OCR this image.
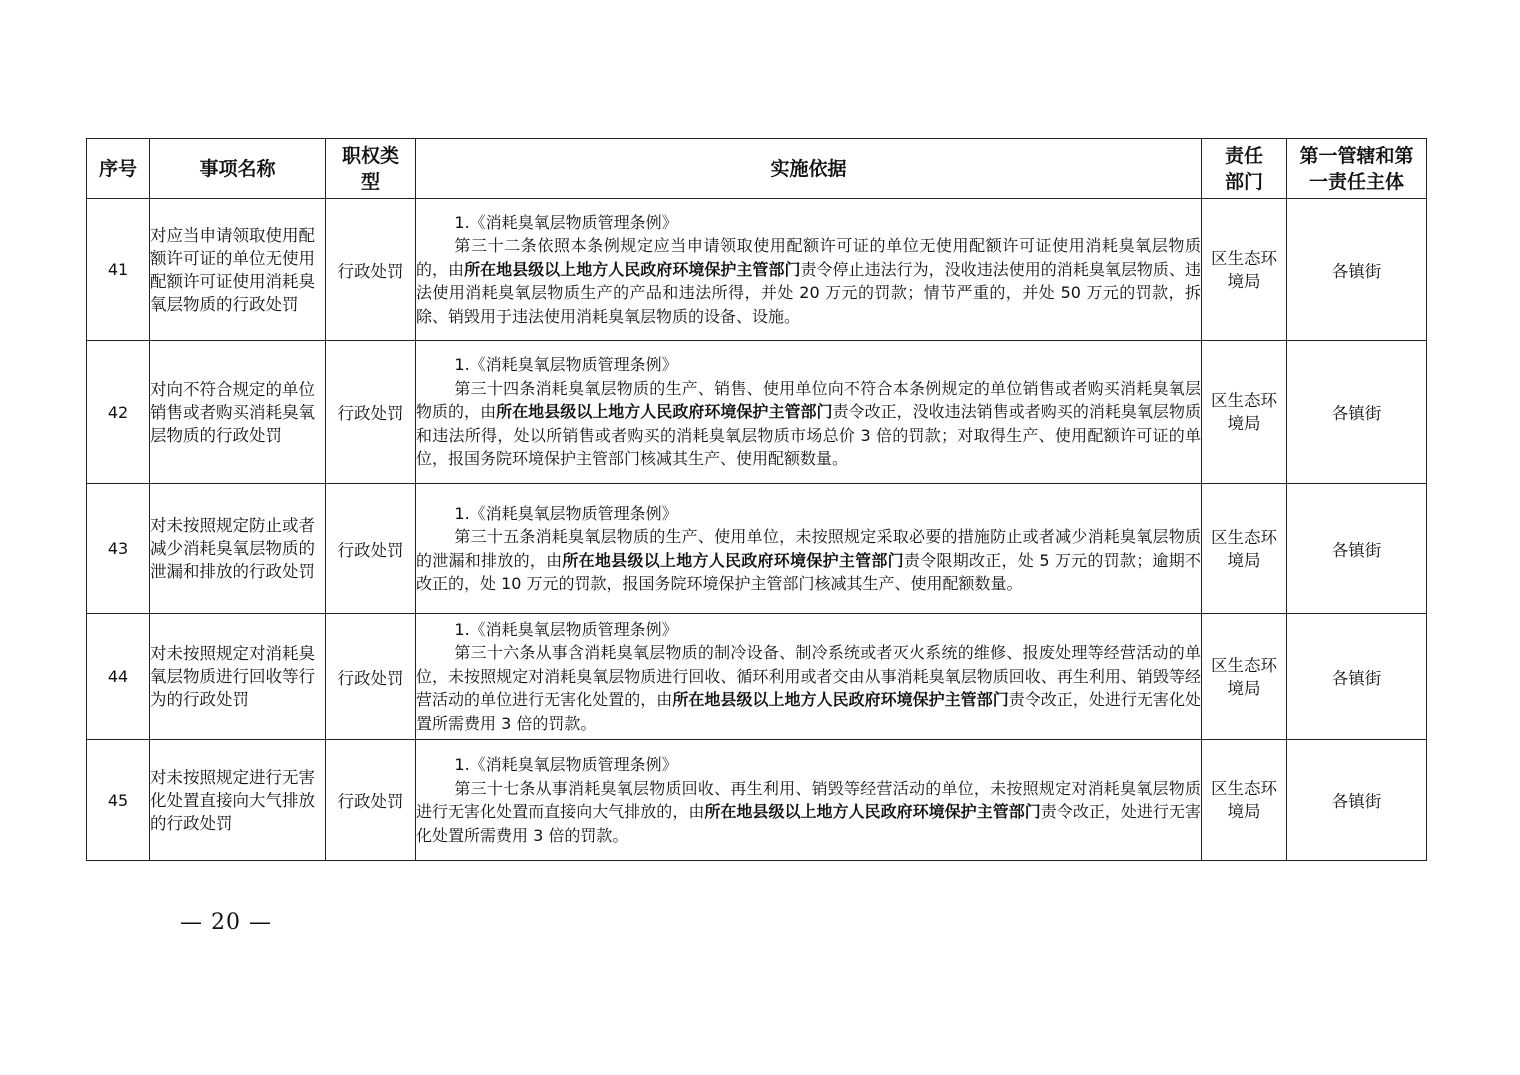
序号	事项名称	职权类型	实施依据	责任部门	第一管辖和第一责任主体
41	对应当申请领取使用配额许可证的单位无使用配额许可证使用消耗臭氧层物质的行政处罚	行政处罚	1.《消耗臭氧层物质管理条例》
第三十二条依照本条例规定应当申请领取使用配额许可证的单位无使用配额许可证使用消耗臭氧层物质的，由所在地县级以上地方人民政府环境保护主管部门责令停止违法行为，没收违法使用的消耗臭氧层物质、违法使用消耗臭氧层物质生产的产品和违法所得，并处 20 万元的罚款；情节严重的，并处 50 万元的罚款，拆除、销毁用于违法使用消耗臭氧层物质的设备、设施。	区生态环境局	各镇街
42	对向不符合规定的单位销售或者购买消耗臭氧层物质的行政处罚	行政处罚	1.《消耗臭氧层物质管理条例》
第三十四条消耗臭氧层物质的生产、销售、使用单位向不符合本条例规定的单位销售或者购买消耗臭氧层物质的，由所在地县级以上地方人民政府环境保护主管部门责令改正，没收违法销售或者购买的消耗臭氧层物质和违法所得，处以所销售或者购买的消耗臭氧层物质市场总价 3 倍的罚款；对取得生产、使用配额许可证的单位，报国务院环境保护主管部门核减其生产、使用配额数量。	区生态环境局	各镇街
43	对未按照规定防止或者减少消耗臭氧层物质的泄漏和排放的行政处罚	行政处罚	1.《消耗臭氧层物质管理条例》
第三十五条消耗臭氧层物质的生产、使用单位，未按照规定采取必要的措施防止或者减少消耗臭氧层物质的泄漏和排放的，由所在地县级以上地方人民政府环境保护主管部门责令限期改正，处 5 万元的罚款；逾期不改正的，处 10 万元的罚款，报国务院环境保护主管部门核减其生产、使用配额数量。	区生态环境局	各镇街
44	对未按照规定对消耗臭氧层物质进行回收等行为的行政处罚	行政处罚	1.《消耗臭氧层物质管理条例》
第三十六条从事含消耗臭氧层物质的制冷设备、制冷系统或者灭火系统的维修、报废处理等经营活动的单位，未按照规定对消耗臭氧层物质进行回收、循环利用或者交由从事消耗臭氧层物质回收、再生利用、销毁等经营活动的单位进行无害化处置的，由所在地县级以上地方人民政府环境保护主管部门责令改正，处进行无害化处置所需费用 3 倍的罚款。	区生态环境局	各镇街
45	对未按照规定进行无害化处置直接向大气排放的行政处罚	行政处罚	1.《消耗臭氧层物质管理条例》
第三十七条从事消耗臭氧层物质回收、再生利用、销毁等经营活动的单位，未按照规定对消耗臭氧层物质进行无害化处置而直接向大气排放的，由所在地县级以上地方人民政府环境保护主管部门责令改正，处进行无害化处置所需费用 3 倍的罚款。	区生态环境局	各镇街
— 20 —
